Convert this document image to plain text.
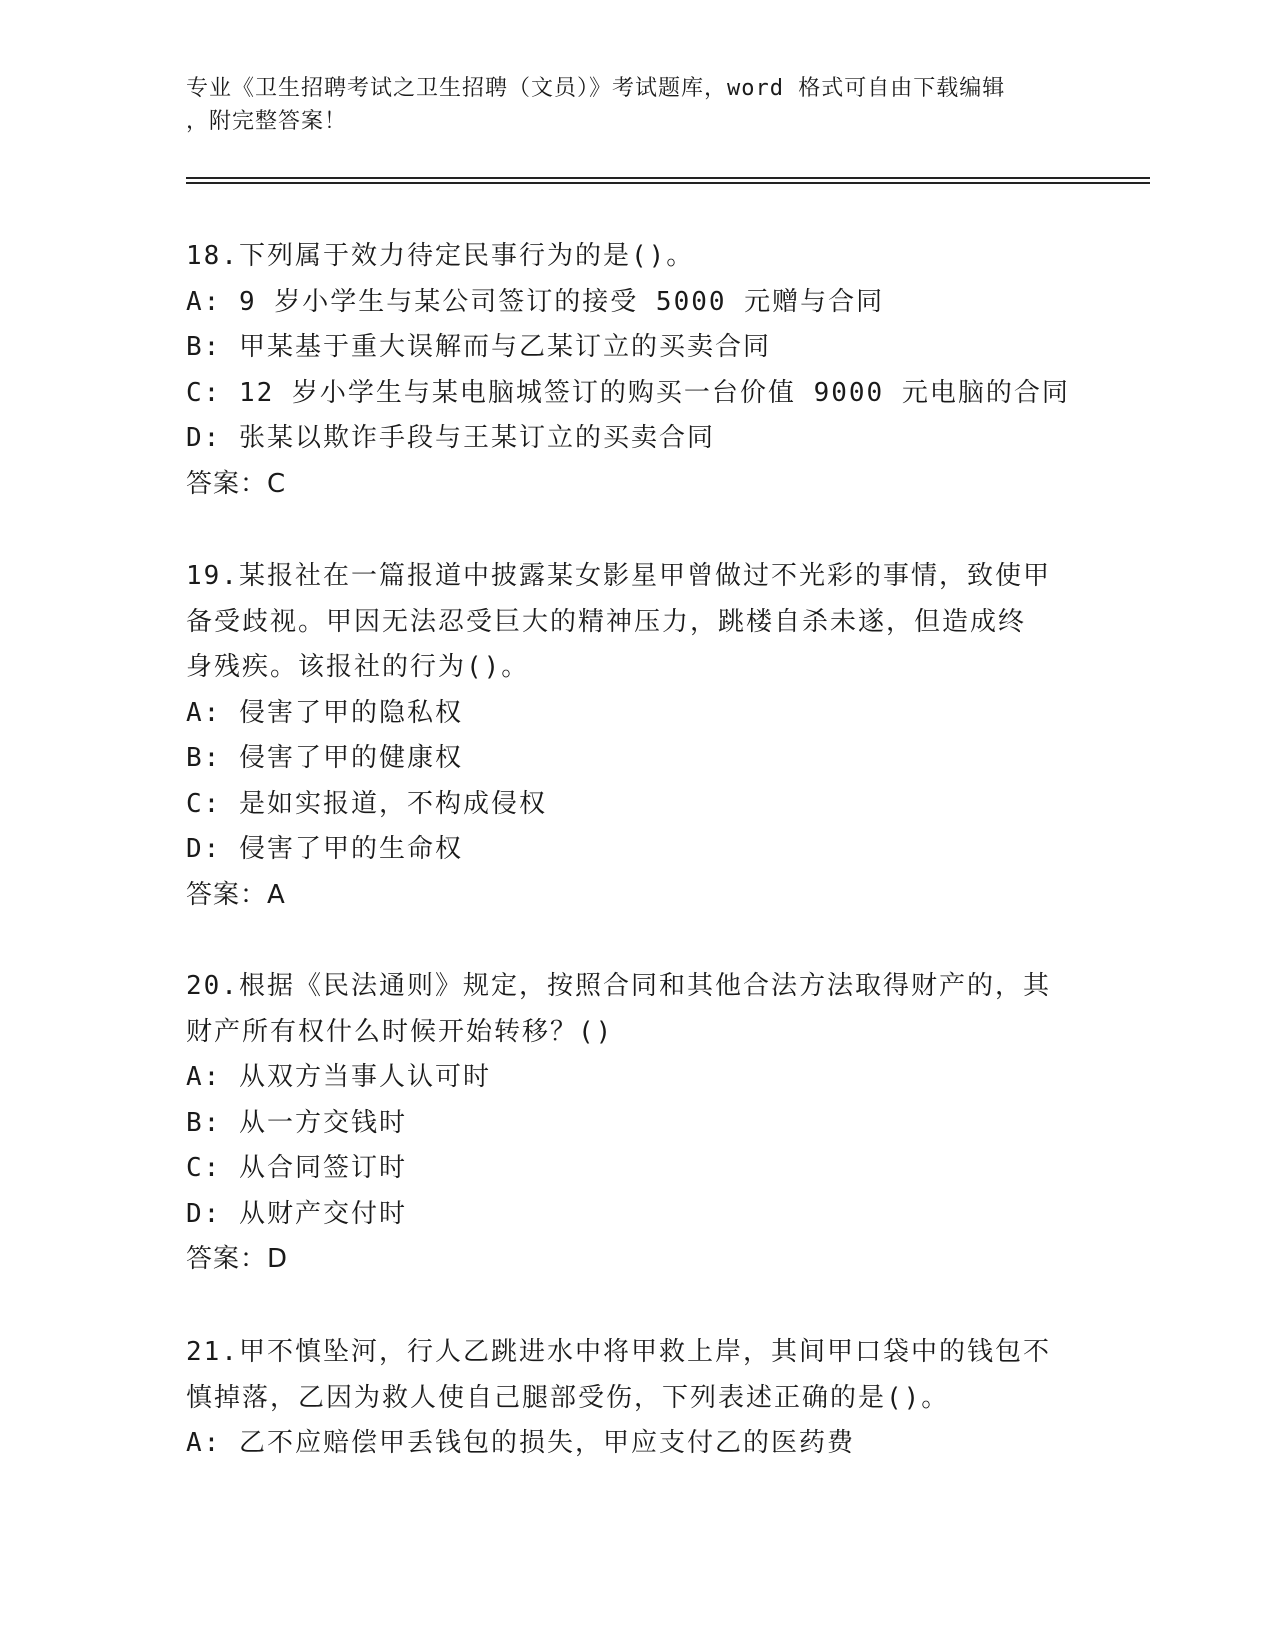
专业《卫生招聘考试之卫生招聘（文员）》考试题库，word 格式可自由下载编辑
，附完整答案！
18.下列属于效力待定民事行为的是()。
A: 9 岁小学生与某公司签订的接受 5000 元赠与合同
B: 甲某基于重大误解而与乙某订立的买卖合同
C: 12 岁小学生与某电脑城签订的购买一台价值 9000 元电脑的合同
D: 张某以欺诈手段与王某订立的买卖合同
答案：C
19.某报社在一篇报道中披露某女影星甲曾做过不光彩的事情，致使甲
备受歧视。甲因无法忍受巨大的精神压力，跳楼自杀未遂，但造成终
身残疾。该报社的行为()。
A: 侵害了甲的隐私权
B: 侵害了甲的健康权
C: 是如实报道，不构成侵权
D: 侵害了甲的生命权
答案：A
20.根据《民法通则》规定，按照合同和其他合法方法取得财产的，其
财产所有权什么时候开始转移？()
A: 从双方当事人认可时
B: 从一方交钱时
C: 从合同签订时
D: 从财产交付时
答案：D
21.甲不慎坠河，行人乙跳进水中将甲救上岸，其间甲口袋中的钱包不
慎掉落，乙因为救人使自己腿部受伤，下列表述正确的是()。
A: 乙不应赔偿甲丢钱包的损失，甲应支付乙的医药费
